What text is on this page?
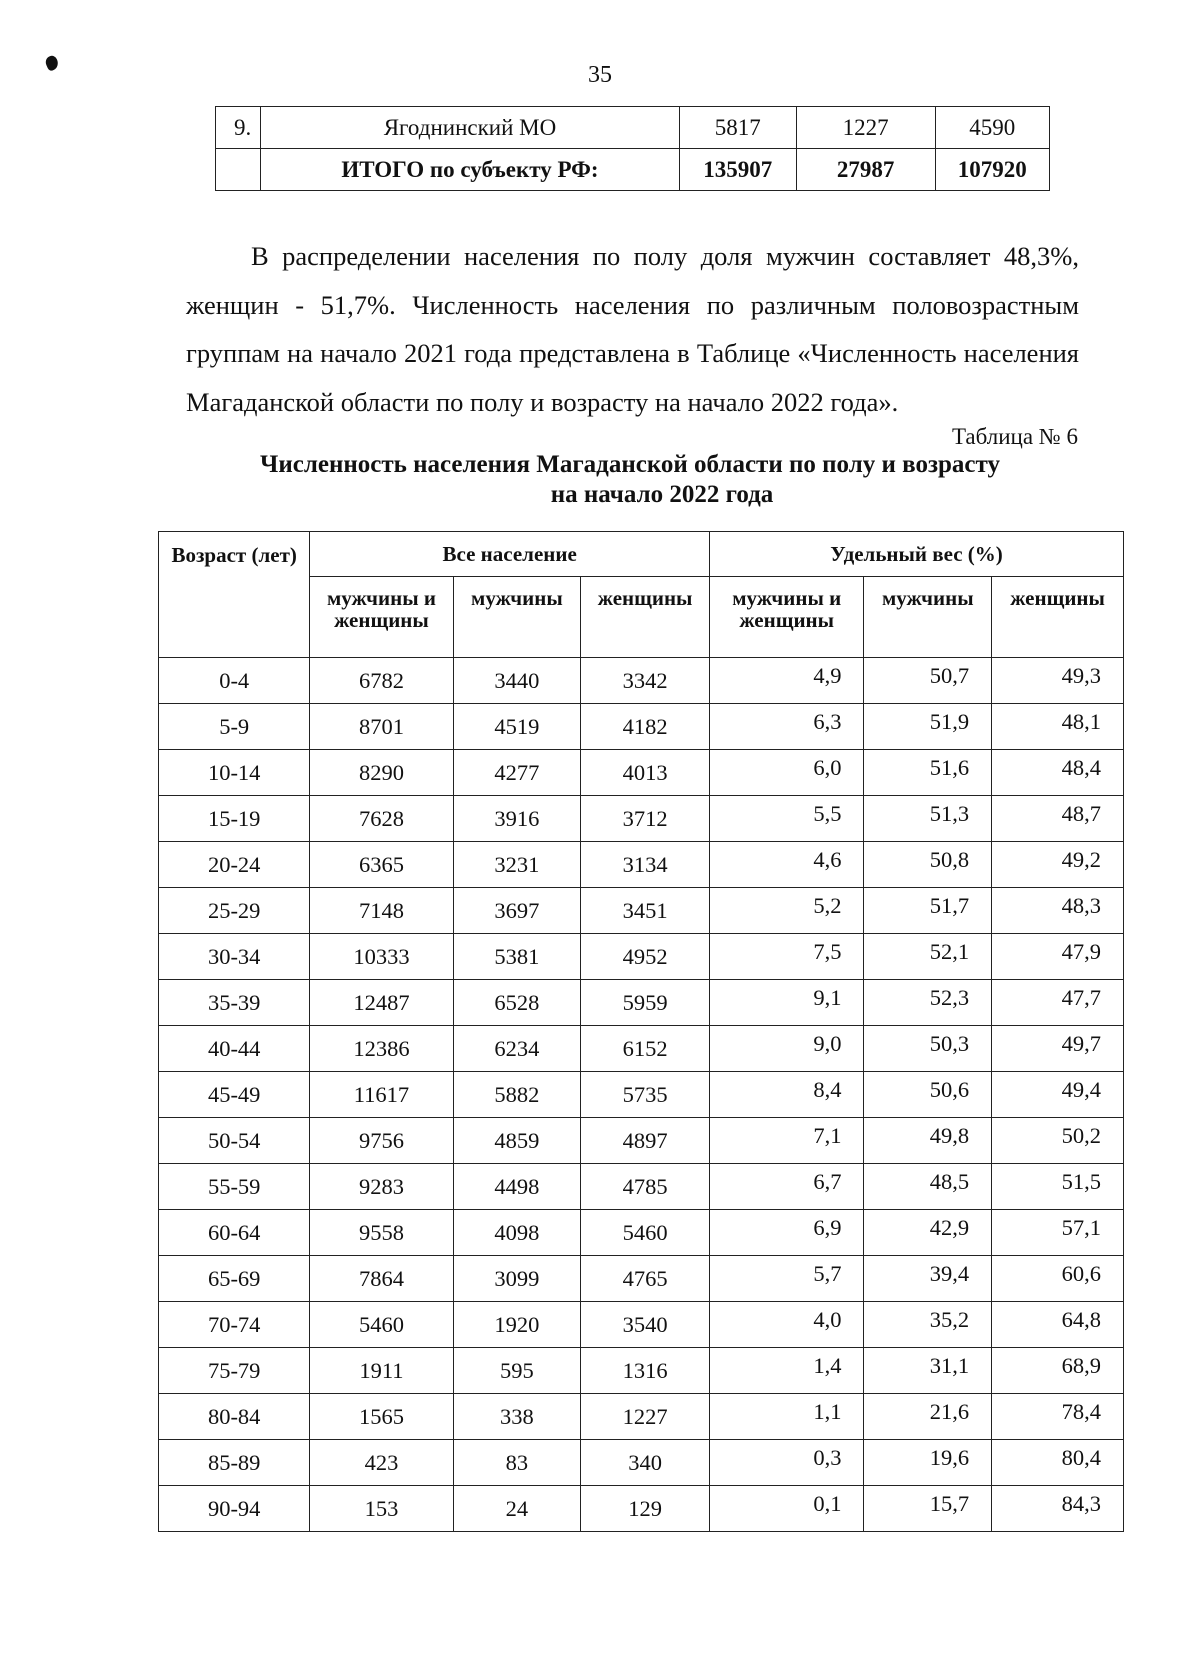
35
9.	Ягоднинский МО	5817	1227	4590
	ИТОГО по субъекту РФ:	135907	27987	107920

В распределении населения по полу доля мужчин составляет 48,3%, женщин - 51,7%. Численность населения по различным половозрастным группам на начало 2021 года представлена в Таблице «Численность населения Магаданской области по полу и возрасту на начало 2022 года».

Таблица № 6
Численность населения Магаданской области по полу и возрасту
на начало 2022 года
Возраст (лет)	Все население			Удельный вес (%)		
	мужчины и женщины	мужчины	женщины	мужчины и женщины	мужчины	женщины
0-4	6782	3440	3342	4,9	50,7	49,3
5-9	8701	4519	4182	6,3	51,9	48,1
10-14	8290	4277	4013	6,0	51,6	48,4
15-19	7628	3916	3712	5,5	51,3	48,7
20-24	6365	3231	3134	4,6	50,8	49,2
25-29	7148	3697	3451	5,2	51,7	48,3
30-34	10333	5381	4952	7,5	52,1	47,9
35-39	12487	6528	5959	9,1	52,3	47,7
40-44	12386	6234	6152	9,0	50,3	49,7
45-49	11617	5882	5735	8,4	50,6	49,4
50-54	9756	4859	4897	7,1	49,8	50,2
55-59	9283	4498	4785	6,7	48,5	51,5
60-64	9558	4098	5460	6,9	42,9	57,1
65-69	7864	3099	4765	5,7	39,4	60,6
70-74	5460	1920	3540	4,0	35,2	64,8
75-79	1911	595	1316	1,4	31,1	68,9
80-84	1565	338	1227	1,1	21,6	78,4
85-89	423	83	340	0,3	19,6	80,4
90-94	153	24	129	0,1	15,7	84,3
